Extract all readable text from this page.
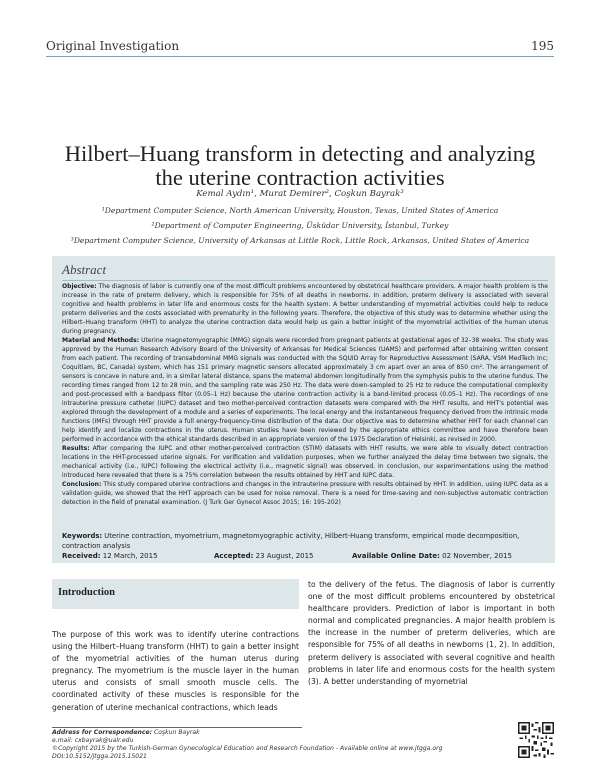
Original Investigation	195
Hilbert–Huang transform in detecting and analyzing
the uterine contraction activities
Kemal Aydın¹, Murat Demirer², Coşkun Bayrak³
¹Department Computer Science, North American University, Houston, Texas, United States of America
²Department of Computer Engineering, Üsküdar University, İstanbul, Turkey
³Department Computer Science, University of Arkansas at Little Rock, Little Rock, Arkansas, United States of America
Abstract

Objective: The diagnosis of labor is currently one of the most difficult problems encountered by obstetrical healthcare providers. A major health problem is the increase in the rate of preterm delivery, which is responsible for 75% of all deaths in newborns. In addition, preterm delivery is associated with several cognitive and health problems in later life and enormous costs for the health system. A better understanding of myometrial activities could help to reduce preterm deliveries and the costs associated with prematurity in the following years. Therefore, the objective of this study was to determine whether using the Hilbert–Huang transform (HHT) to analyze the uterine contraction data would help us gain a better insight of the myometrial activities of the human uterus during pregnancy.

Material and Methods: Uterine magnetomyographic (MMG) signals were recorded from pregnant patients at gestational ages of 32–38 weeks. The study was approved by the Human Research Advisory Board of the University of Arkansas for Medical Sciences (UAMS) and performed after obtaining written consent from each patient. The recording of transabdominal MMG signals was conducted with the SQUID Array for Reproductive Assessment (SARA, VSM MedTech Inc; Coquitlam, BC, Canada) system, which has 151 primary magnetic sensors allocated approximately 3 cm apart over an area of 850 cm². The arrangement of sensors is concave in nature and, in a similar lateral distance, spans the maternal abdomen longitudinally from the symphysis pubis to the uterine fundus. The recording times ranged from 12 to 28 min, and the sampling rate was 250 Hz. The data were down-sampled to 25 Hz to reduce the computational complexity and post-processed with a bandpass filter (0.05–1 Hz) because the uterine contraction activity is a band-limited process (0.05–1 Hz). The recordings of one intrauterine pressure catheter (IUPC) dataset and two mother-perceived contraction datasets were compared with the HHT results, and HHT's potential was explored through the development of a module and a series of experiments. The local energy and the instantaneous frequency derived from the intrinsic mode functions (IMFs) through HHT provide a full energy-frequency-time distribution of the data. Our objective was to determine whether HHT for each channel can help identify and localize contractions in the uterus. Human studies have been reviewed by the appropriate ethics committee and have therefore been performed in accordance with the ethical standards described in an appropriate version of the 1975 Declaration of Helsinki, as revised in 2000.

Results: After comparing the IUPC and other mother-perceived contraction (STIM) datasets with HHT results, we were able to visually detect contraction locations in the HHT-processed uterine signals. For verification and validation purposes, when we further analyzed the delay time between two signals, the mechanical activity (i.e., IUPC) following the electrical activity (i.e., magnetic signal) was observed. In conclusion, our experimentations using the method introduced here revealed that there is a 75% correlation between the results obtained by HHT and IUPC data.

Conclusion: This study compared uterine contractions and changes in the intrauterine pressure with results obtained by HHT. In addition, using IUPC data as a validation guide, we showed that the HHT approach can be used for noise removal. There is a need for time-saving and non-subjective automatic contraction detection in the field of prenatal examination. (J Turk Ger Gynecol Assoc 2015; 16: 195-202)

Keywords: Uterine contraction, myometrium, magnetomyographic activity, Hilbert-Huang transform, empirical mode decomposition, contraction analysis
Received: 12 March, 2015	Accepted: 23 August, 2015	Available Online Date: 02 November, 2015
Introduction

The purpose of this work was to identify uterine contractions using the Hilbert–Huang transform (HHT) to gain a better insight of the myometrial activities of the human uterus during pregnancy. The myometrium is the muscle layer in the human uterus and consists of small smooth muscle cells. The coordinated activity of these muscles is responsible for the generation of uterine mechanical contractions, which leads

to the delivery of the fetus. The diagnosis of labor is currently one of the most difficult problems encountered by obstetrical healthcare providers. Prediction of labor is important in both normal and complicated pregnancies. A major health problem is the increase in the number of preterm deliveries, which are responsible for 75% of all deaths in newborns (1, 2). In addition, preterm delivery is associated with several cognitive and health problems in later life and enormous costs for the health system (3). A better understanding of myometrial

Address for Correspondence: Coşkun Bayrak
e.mail: cxbayrak@ualr.edu
©Copyright 2015 by the Turkish-German Gynecological Education and Research Foundation - Available online at www.jtgga.org
DOI:10.5152/jtgga.2015.15021
